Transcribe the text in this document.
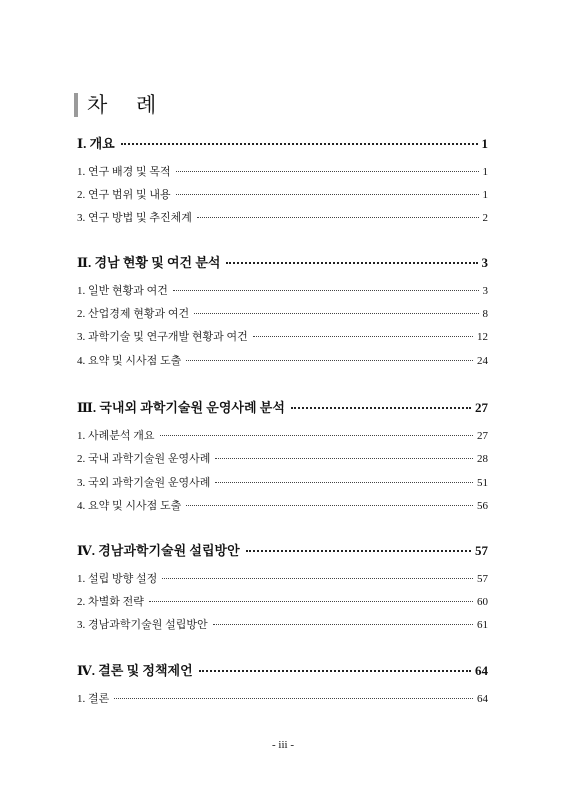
차 례
Ⅰ. 개요	1
1. 연구 배경 및 목적	1
2. 연구 범위 및 내용	1
3. 연구 방법 및 추진체계	2
Ⅱ. 경남 현황 및 여건 분석	3
1. 일반 현황과 여건	3
2. 산업경제 현황과 여건	8
3. 과학기술 및 연구개발 현황과 여건	12
4. 요약 및 시사점 도출	24
Ⅲ. 국내외 과학기술원 운영사례 분석	27
1. 사례분석 개요	27
2. 국내 과학기술원 운영사례	28
3. 국외 과학기술원 운영사례	51
4. 요약 및 시사점 도출	56
Ⅳ. 경남과학기술원 설립방안	57
1. 설립 방향 설정	57
2. 차별화 전략	60
3. 경남과학기술원 설립방안	61
Ⅳ. 결론 및 정책제언	64
1. 결론	64
- iii -
